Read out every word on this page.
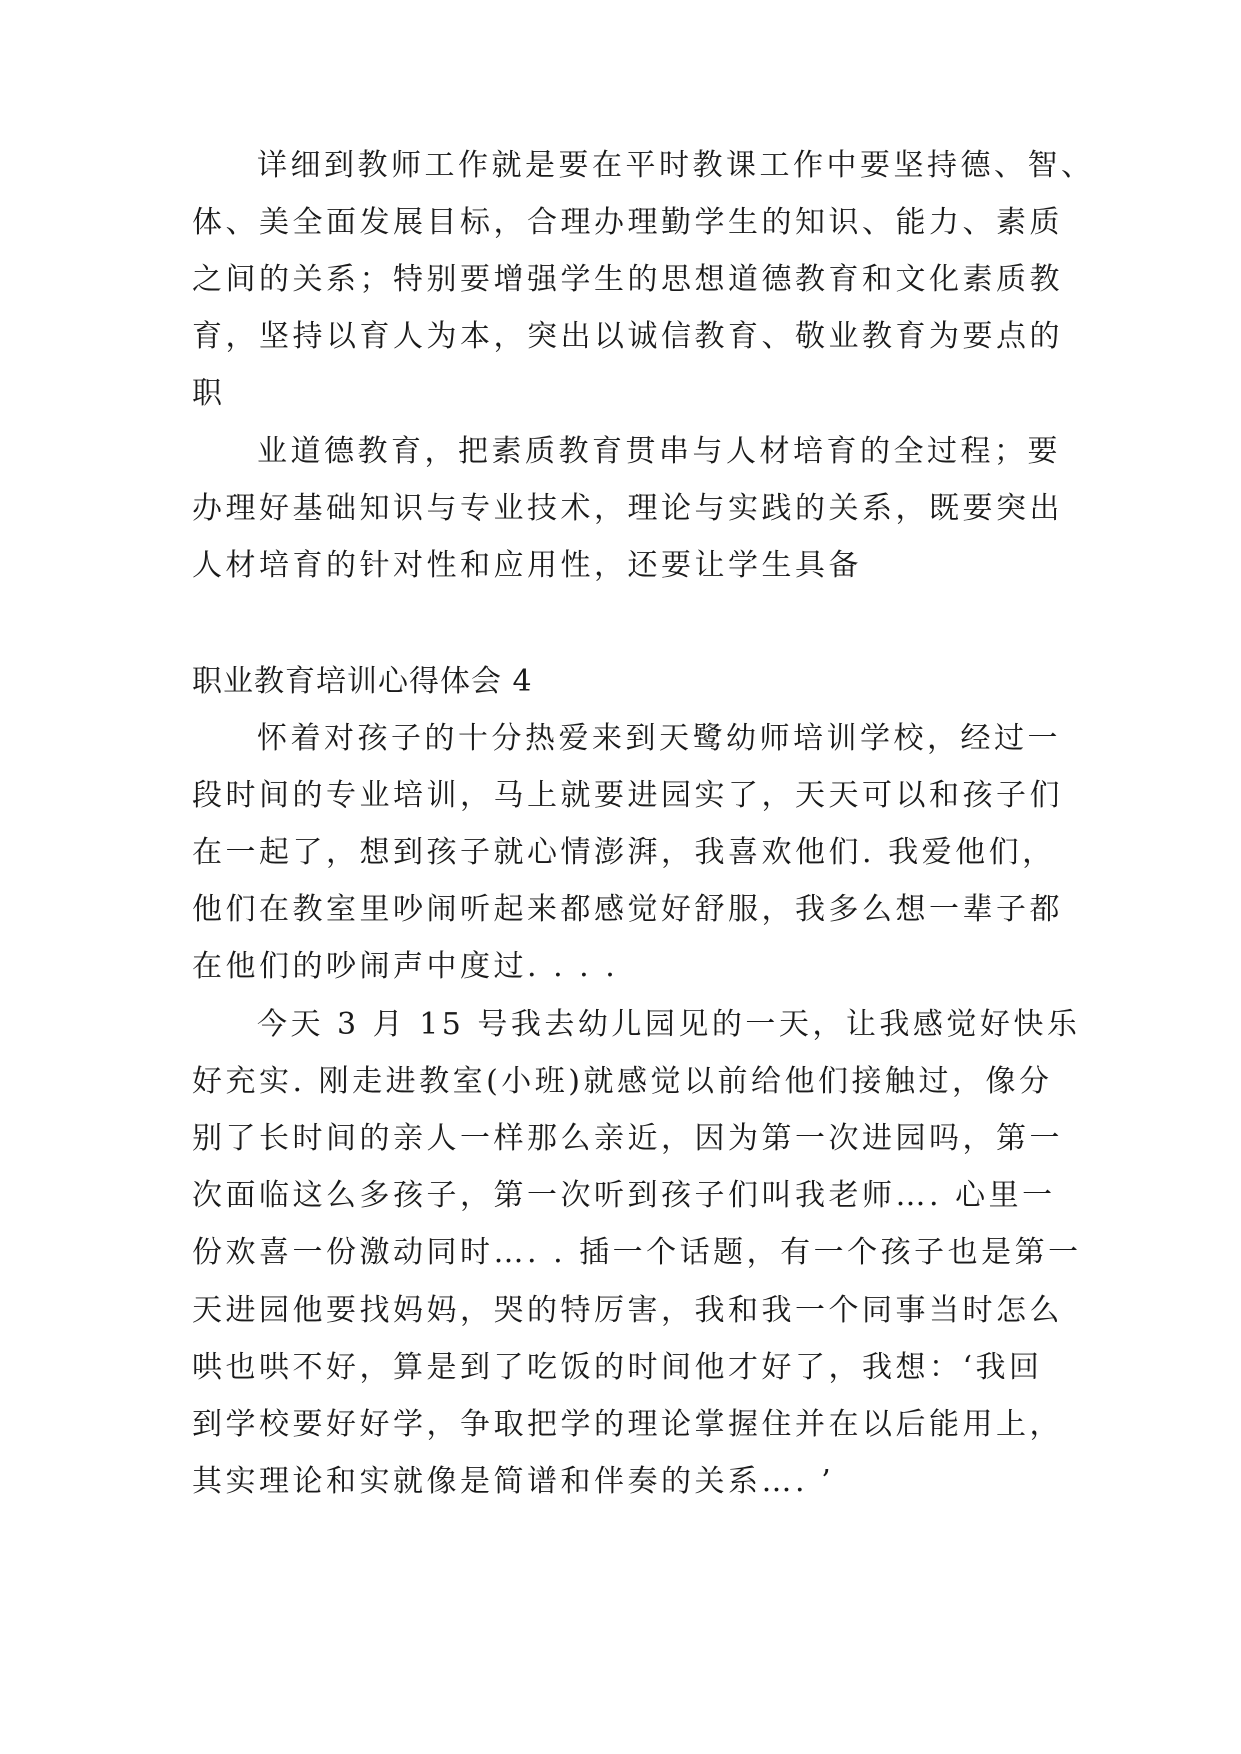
详细到教师工作就是要在平时教课工作中要坚持德、智、

体、美全面发展目标，合理办理勤学生的知识、能力、素质

之间的关系；特别要增强学生的思想道德教育和文化素质教

育，坚持以育人为本，突出以诚信教育、敬业教育为要点的

职

业道德教育，把素质教育贯串与人材培育的全过程；要

办理好基础知识与专业技术，理论与实践的关系，既要突出

人材培育的针对性和应用性，还要让学生具备

职业教育培训心得体会 4

怀着对孩子的十分热爱来到天鹭幼师培训学校，经过一

段时间的专业培训，马上就要进园实了，天天可以和孩子们

在一起了，想到孩子就心情澎湃，我喜欢他们. 我爱他们，

他们在教室里吵闹听起来都感觉好舒服，我多么想一辈子都

在他们的吵闹声中度过. . . .

今天 3 月 15 号我去幼儿园见的一天，让我感觉好快乐

好充实. 刚走进教室(小班)就感觉以前给他们接触过，像分

别了长时间的亲人一样那么亲近，因为第一次进园吗，第一

次面临这么多孩子，第一次听到孩子们叫我老师…. 心里一

份欢喜一份激动同时…. . 插一个话题，有一个孩子也是第一

天进园他要找妈妈，哭的特厉害，我和我一个同事当时怎么

哄也哄不好，算是到了吃饭的时间他才好了，我想：‘我回

到学校要好好学，争取把学的理论掌握住并在以后能用上，

其实理论和实就像是简谱和伴奏的关系…. ’
